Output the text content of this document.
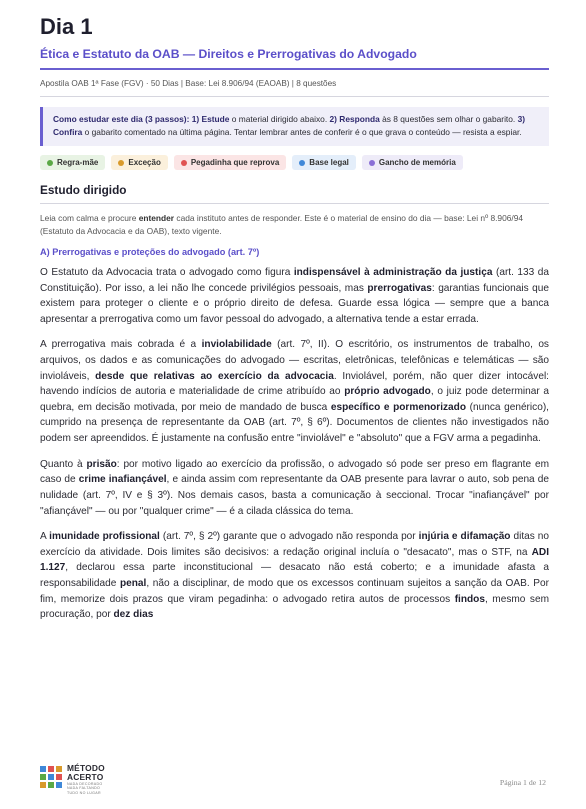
Dia 1
Ética e Estatuto da OAB — Direitos e Prerrogativas do Advogado
Apostila OAB 1ª Fase (FGV) · 50 Dias | Base: Lei 8.906/94 (EAOAB) | 8 questões
Como estudar este dia (3 passos): 1) Estude o material dirigido abaixo. 2) Responda às 8 questões sem olhar o gabarito. 3) Confira o gabarito comentado na última página. Tentar lembrar antes de conferir é o que grava o conteúdo — resista a espiar.
Regra-mãe	Exceção	Pegadinha que reprova	Base legal	Gancho de memória
Estudo dirigido
Leia com calma e procure entender cada instituto antes de responder. Este é o material de ensino do dia — base: Lei nº 8.906/94 (Estatuto da Advocacia e da OAB), texto vigente.
A) Prerrogativas e proteções do advogado (art. 7º)

O Estatuto da Advocacia trata o advogado como figura indispensável à administração da justiça (art. 133 da Constituição). Por isso, a lei não lhe concede privilégios pessoais, mas prerrogativas: garantias funcionais que existem para proteger o cliente e o próprio direito de defesa. Guarde essa lógica — sempre que a banca apresentar a prerrogativa como um favor pessoal do advogado, a alternativa tende a estar errada.

A prerrogativa mais cobrada é a inviolabilidade (art. 7º, II). O escritório, os instrumentos de trabalho, os arquivos, os dados e as comunicações do advogado — escritas, eletrônicas, telefônicas e telemáticas — são invioláveis, desde que relativas ao exercício da advocacia. Inviolável, porém, não quer dizer intocável: havendo indícios de autoria e materialidade de crime atribuído ao próprio advogado, o juiz pode determinar a quebra, em decisão motivada, por meio de mandado de busca específico e pormenorizado (nunca genérico), cumprido na presença de representante da OAB (art. 7º, § 6º). Documentos de clientes não investigados não podem ser apreendidos. É justamente na confusão entre "inviolável" e "absoluto" que a FGV arma a pegadinha.

Quanto à prisão: por motivo ligado ao exercício da profissão, o advogado só pode ser preso em flagrante em caso de crime inafiançável, e ainda assim com representante da OAB presente para lavrar o auto, sob pena de nulidade (art. 7º, IV e § 3º). Nos demais casos, basta a comunicação à seccional. Trocar "inafiançável" por "afiançável" — ou por "qualquer crime" — é a cilada clássica do tema.

A imunidade profissional (art. 7º, § 2º) garante que o advogado não responda por injúria e difamação ditas no exercício da atividade. Dois limites são decisivos: a redação original incluía o "desacato", mas o STF, na ADI 1.127, declarou essa parte inconstitucional — desacato não está coberto; e a imunidade afasta a responsabilidade penal, não a disciplinar, de modo que os excessos continuam sujeitos a sanção da OAB. Por fim, memorize dois prazos que viram pegadinha: o advogado retira autos de processos findos, mesmo sem procuração, por dez dias

MÉTODO
ACERTO
NADA DECORADO
NADA FALTANDO
TUDO NO LUGAR
Página 1 de 12
